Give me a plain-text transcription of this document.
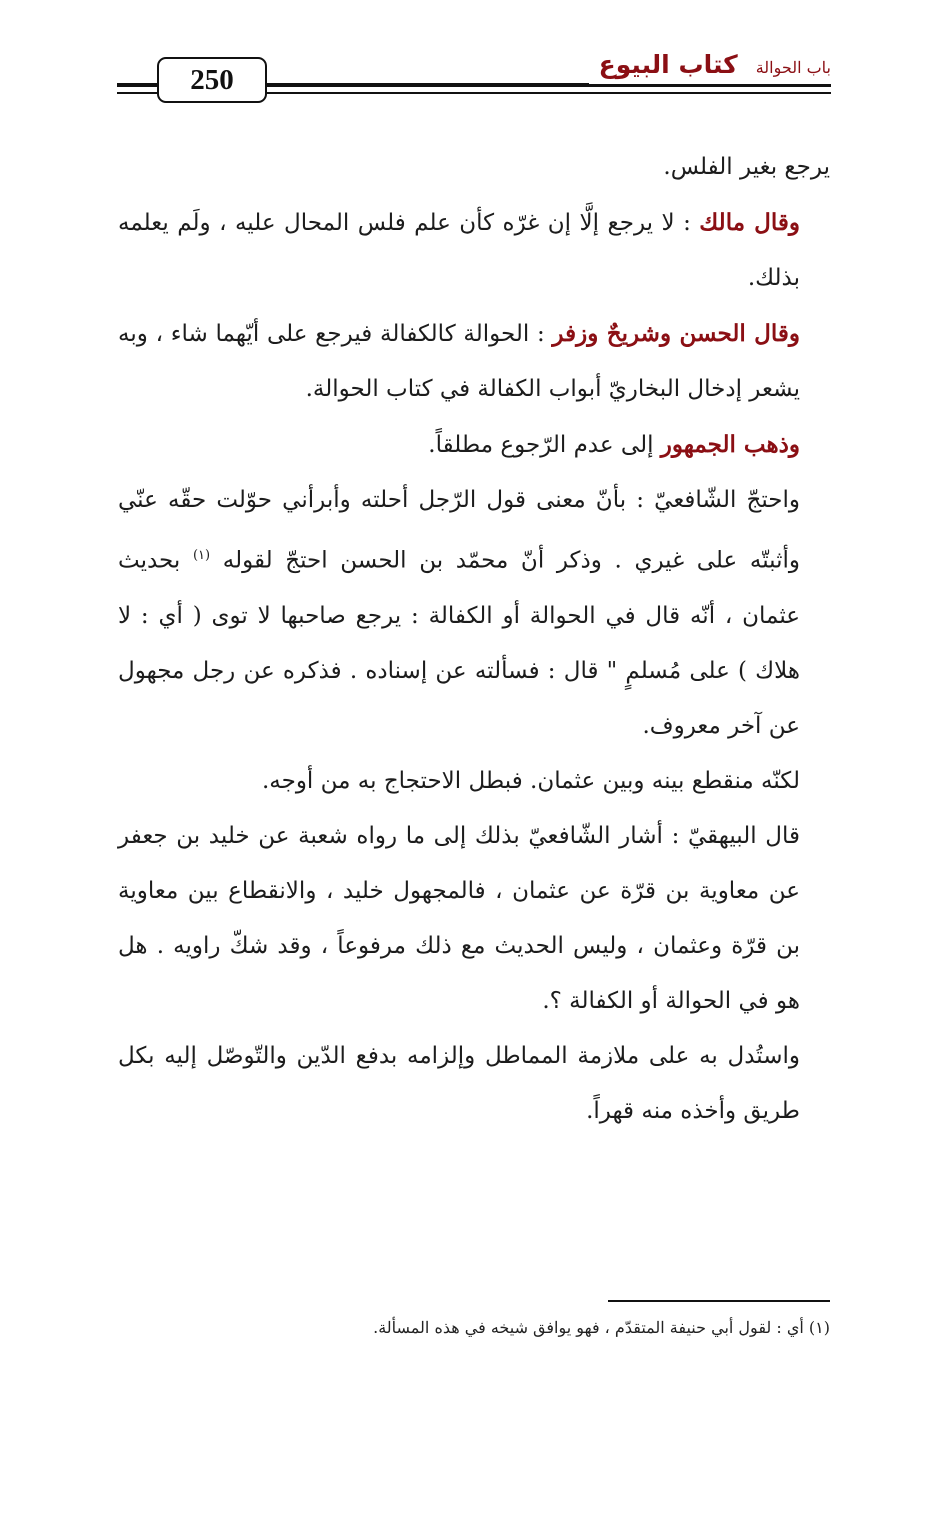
250	كتاب البيوع باب الحوالة

يرجع بغير الفلس.

وقال مالك : لا يرجع إلَّا إن غرّه كأن علم فلس المحال عليه ، ولَم يعلمه بذلك.

وقال الحسن وشريحٌ وزفر : الحوالة كالكفالة فيرجع على أيّهما شاء ، وبه يشعر إدخال البخاريّ أبواب الكفالة في كتاب الحوالة.

وذهب الجمهور إلى عدم الرّجوع مطلقاً.

واحتجّ الشّافعيّ : بأنّ معنى قول الرّجل أحلته وأبرأني حوّلت حقّه عنّي وأثبتّه على غيري . وذكر أنّ محمّد بن الحسن احتجّ لقوله $^{(١)}$ بحديث عثمان ، أنّه قال في الحوالة أو الكفالة : يرجع صاحبها لا توى ( أي : لا هلاك ) على مُسلمٍ " قال : فسألته عن إسناده . فذكره عن رجل مجهول عن آخر معروف.

لكنّه منقطع بينه وبين عثمان. فبطل الاحتجاج به من أوجه.

قال البيهقيّ : أشار الشّافعيّ بذلك إلى ما رواه شعبة عن خليد بن جعفر عن معاوية بن قرّة عن عثمان ، فالمجهول خليد ، والانقطاع بين معاوية بن قرّة وعثمان ، وليس الحديث مع ذلك مرفوعاً ، وقد شكّ راويه . هل هو في الحوالة أو الكفالة ؟.

واستُدل به على ملازمة المماطل وإلزامه بدفع الدّين والتّوصّل إليه بكل طريق وأخذه منه قهراً.

(١) أي : لقول أبي حنيفة المتقدّم ، فهو يوافق شيخه في هذه المسألة.
